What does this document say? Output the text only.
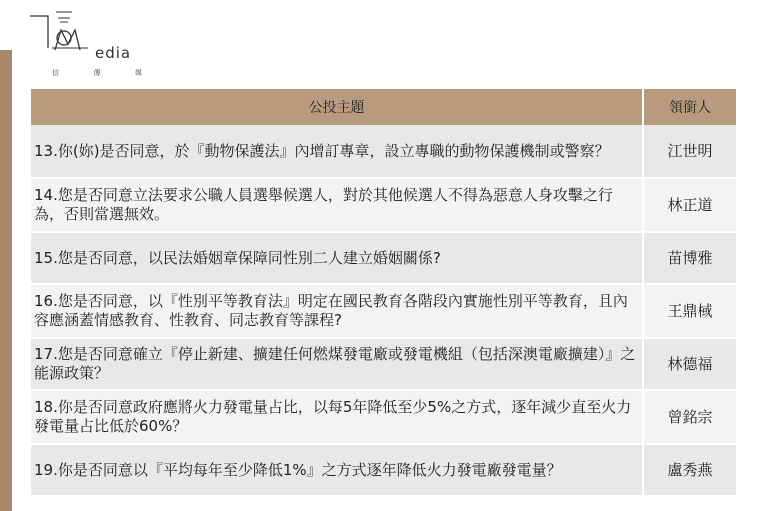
edia
信	傳	媒
公投主題	領銜人
13.你(妳)是否同意，於『動物保護法』內增訂專章，設立專職的動物保護機制或警察？	江世明
14.您是否同意立法要求公職人員選舉候選人，對於其他候選人不得為惡意人身攻擊之行為，否則當選無效。	林正道
15.您是否同意，以民法婚姻章保障同性別二人建立婚姻關係?	苗博雅
16.您是否同意，以『性別平等教育法』明定在國民教育各階段內實施性別平等教育，且內容應涵蓋情感教育、性教育、同志教育等課程?	王鼎棫
17.您是否同意確立『停止新建、擴建任何燃煤發電廠或發電機組（包括深澳電廠擴建）』之能源政策？	林德福
18.你是否同意政府應將火力發電量占比，以每5年降低至少5%之方式，逐年減少直至火力發電量占比低於60%？	曾銘宗
19.你是否同意以『平均每年至少降低1%』之方式逐年降低火力發電廠發電量？	盧秀燕
